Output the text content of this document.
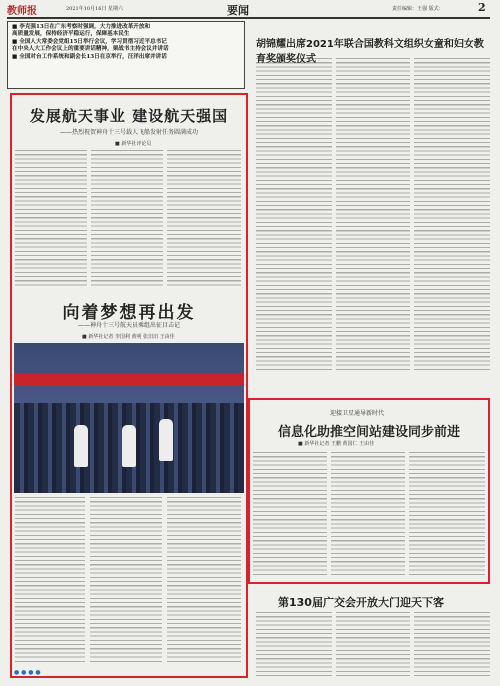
教师报	2021年10月16日 星期六	要闻	责任编辑：王强 版式：	2
■ 李克强13日在广东考察时强调，大力推进改革开放和
高质量发展，保持经济平稳运行，保障基本民生
■ 全国人大常委会党组15日举行会议，学习贯彻习近平总书记
在中央人大工作会议上的重要讲话精神，栗战书主持会议并讲话
■ 全国对台工作系统和副会长13日在京举行，汪洋出席并讲话
发展航天事业 建设航天强国
——热烈祝贺神舟十三号载人飞船发射任务圆满成功
■ 新华社评论员
向着梦想再出发
——神舟十三号航天员乘组出征目击记
■ 新华社记者 李国利 黄明 张汨汨 王由佳
● ● ● ●
胡锦耀出席2021年联合国教科文组织女童和妇女教育奖颁奖仪式
迎接卫星通导新时代
信息化助推空间站建设同步前进
■ 新华社记者 王鹏 黄国仁 王由佳
第130届广交会开放大门迎天下客
